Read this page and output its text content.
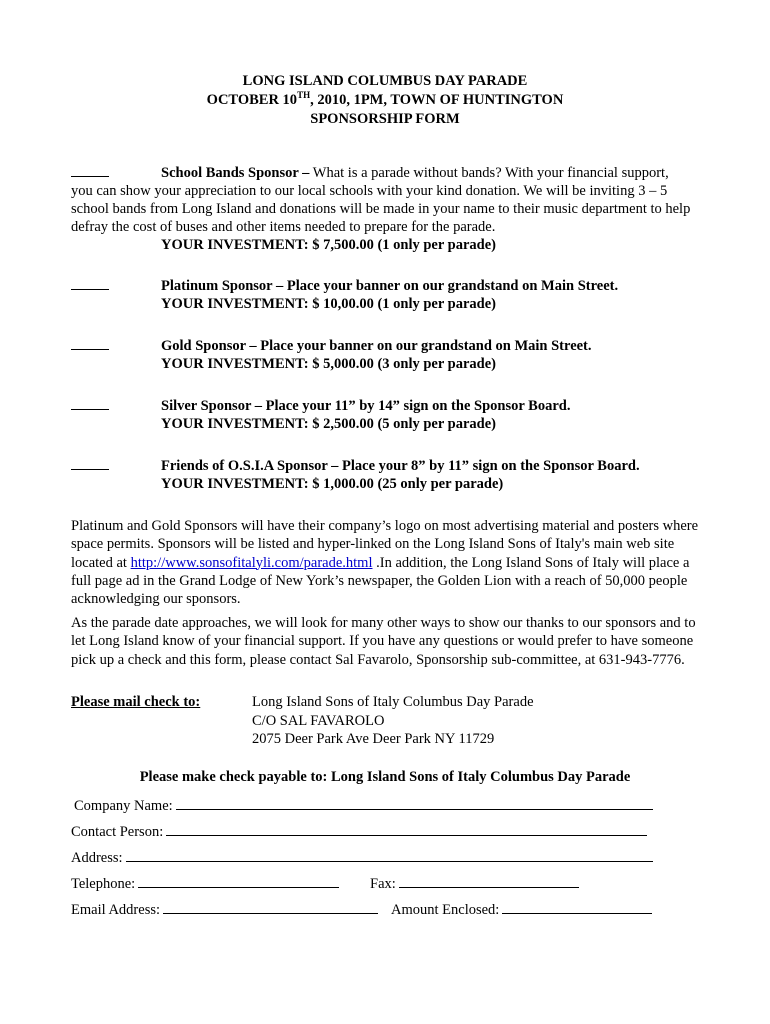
LONG ISLAND COLUMBUS DAY PARADE
OCTOBER 10TH, 2010, 1PM, TOWN OF HUNTINGTON
SPONSORSHIP FORM
School Bands Sponsor – What is a parade without bands? With your financial support, you can show your appreciation to our local schools with your kind donation. We will be inviting 3 – 5 school bands from Long Island and donations will be made in your name to their music department to help defray the cost of buses and other items needed to prepare for the parade.
YOUR INVESTMENT: $ 7,500.00 (1 only per parade)
Platinum Sponsor – Place your banner on our grandstand on Main Street.
YOUR INVESTMENT: $ 10,00.00 (1 only per parade)
Gold Sponsor – Place your banner on our grandstand on Main Street.
YOUR INVESTMENT: $ 5,000.00 (3 only per parade)
Silver Sponsor – Place your 11” by 14” sign on the Sponsor Board.
YOUR INVESTMENT: $ 2,500.00 (5 only per parade)
Friends of O.S.I.A Sponsor – Place your 8” by 11” sign on the Sponsor Board.
YOUR INVESTMENT: $ 1,000.00 (25 only per parade)
Platinum and Gold Sponsors will have their company’s logo on most advertising material and posters where space permits. Sponsors will be listed and hyper-linked on the Long Island Sons of Italy's main web site located at http://www.sonsofitalyli.com/parade.html .In addition, the Long Island Sons of Italy will place a full page ad in the Grand Lodge of New York’s newspaper, the Golden Lion with a reach of 50,000 people acknowledging our sponsors.
As the parade date approaches, we will look for many other ways to show our thanks to our sponsors and to let Long Island know of your financial support. If you have any questions or would prefer to have someone pick up a check and this form, please contact Sal Favarolo, Sponsorship sub-committee, at 631-943-7776.
Please mail check to:	Long Island Sons of Italy Columbus Day Parade
C/O SAL FAVAROLO
2075 Deer Park Ave Deer Park NY 11729
Please make check payable to: Long Island Sons of Italy Columbus Day Parade
Company Name:
Contact Person:
Address:
Telephone:	Fax:
Email Address:	Amount Enclosed:
